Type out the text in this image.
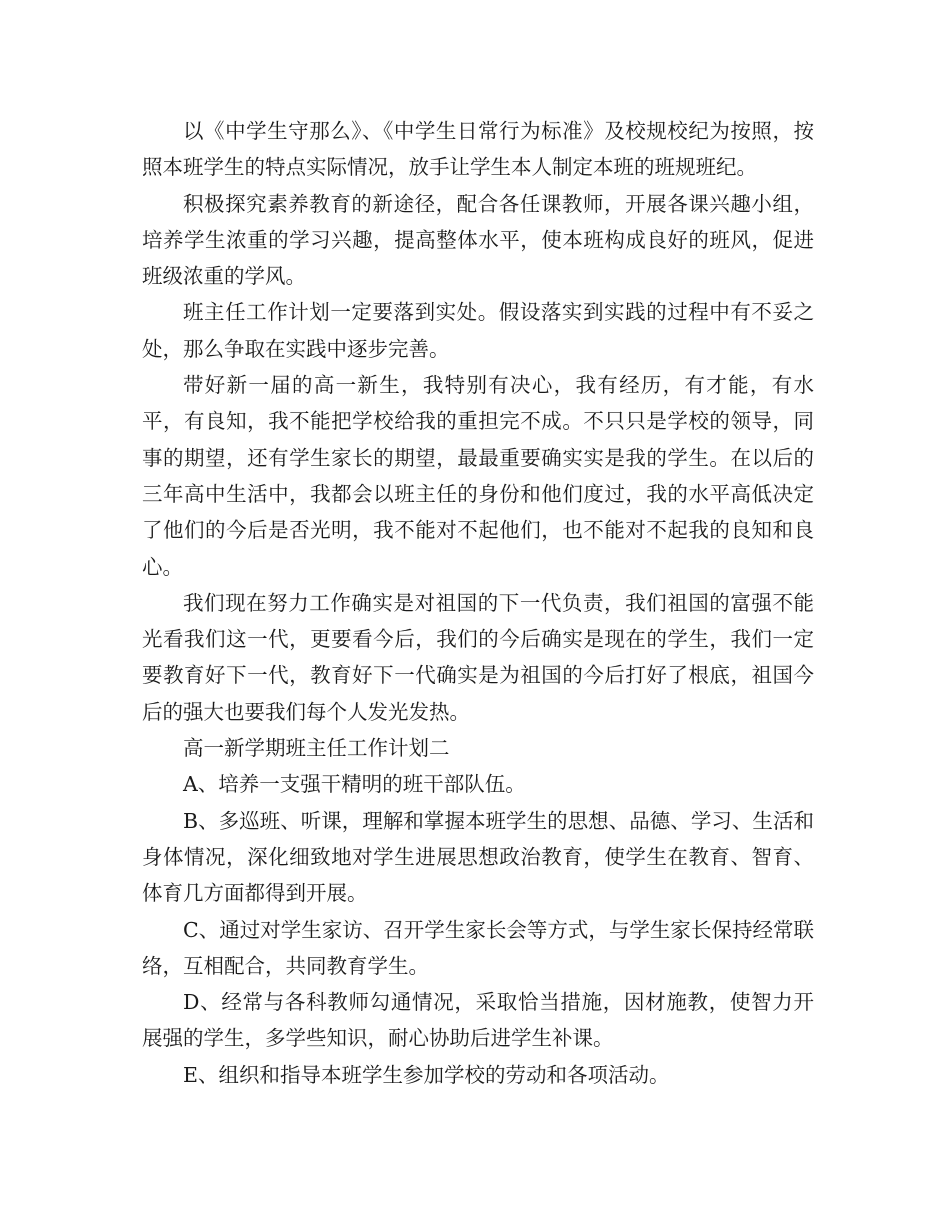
以《中学生守那么》、《中学生日常行为标准》及校规校纪为按照，按照本班学生的特点实际情况，放手让学生本人制定本班的班规班纪。

积极探究素养教育的新途径，配合各任课教师，开展各课兴趣小组，培养学生浓重的学习兴趣，提高整体水平，使本班构成良好的班风，促进班级浓重的学风。

班主任工作计划一定要落到实处。假设落实到实践的过程中有不妥之处，那么争取在实践中逐步完善。

带好新一届的高一新生，我特别有决心，我有经历，有才能，有水平，有良知，我不能把学校给我的重担完不成。不只只是学校的领导，同事的期望，还有学生家长的期望，最最重要确实实是我的学生。在以后的三年高中生活中，我都会以班主任的身份和他们度过，我的水平高低决定了他们的今后是否光明，我不能对不起他们，也不能对不起我的良知和良心。

我们现在努力工作确实是对祖国的下一代负责，我们祖国的富强不能光看我们这一代，更要看今后，我们的今后确实是现在的学生，我们一定要教育好下一代，教育好下一代确实是为祖国的今后打好了根底，祖国今后的强大也要我们每个人发光发热。

高一新学期班主任工作计划二

A、培养一支强干精明的班干部队伍。

B、多巡班、听课，理解和掌握本班学生的思想、品德、学习、生活和身体情况，深化细致地对学生进展思想政治教育，使学生在教育、智育、体育几方面都得到开展。

C、通过对学生家访、召开学生家长会等方式，与学生家长保持经常联络，互相配合，共同教育学生。

D、经常与各科教师勾通情况，采取恰当措施，因材施教，使智力开展强的学生，多学些知识，耐心协助后进学生补课。

E、组织和指导本班学生参加学校的劳动和各项活动。
